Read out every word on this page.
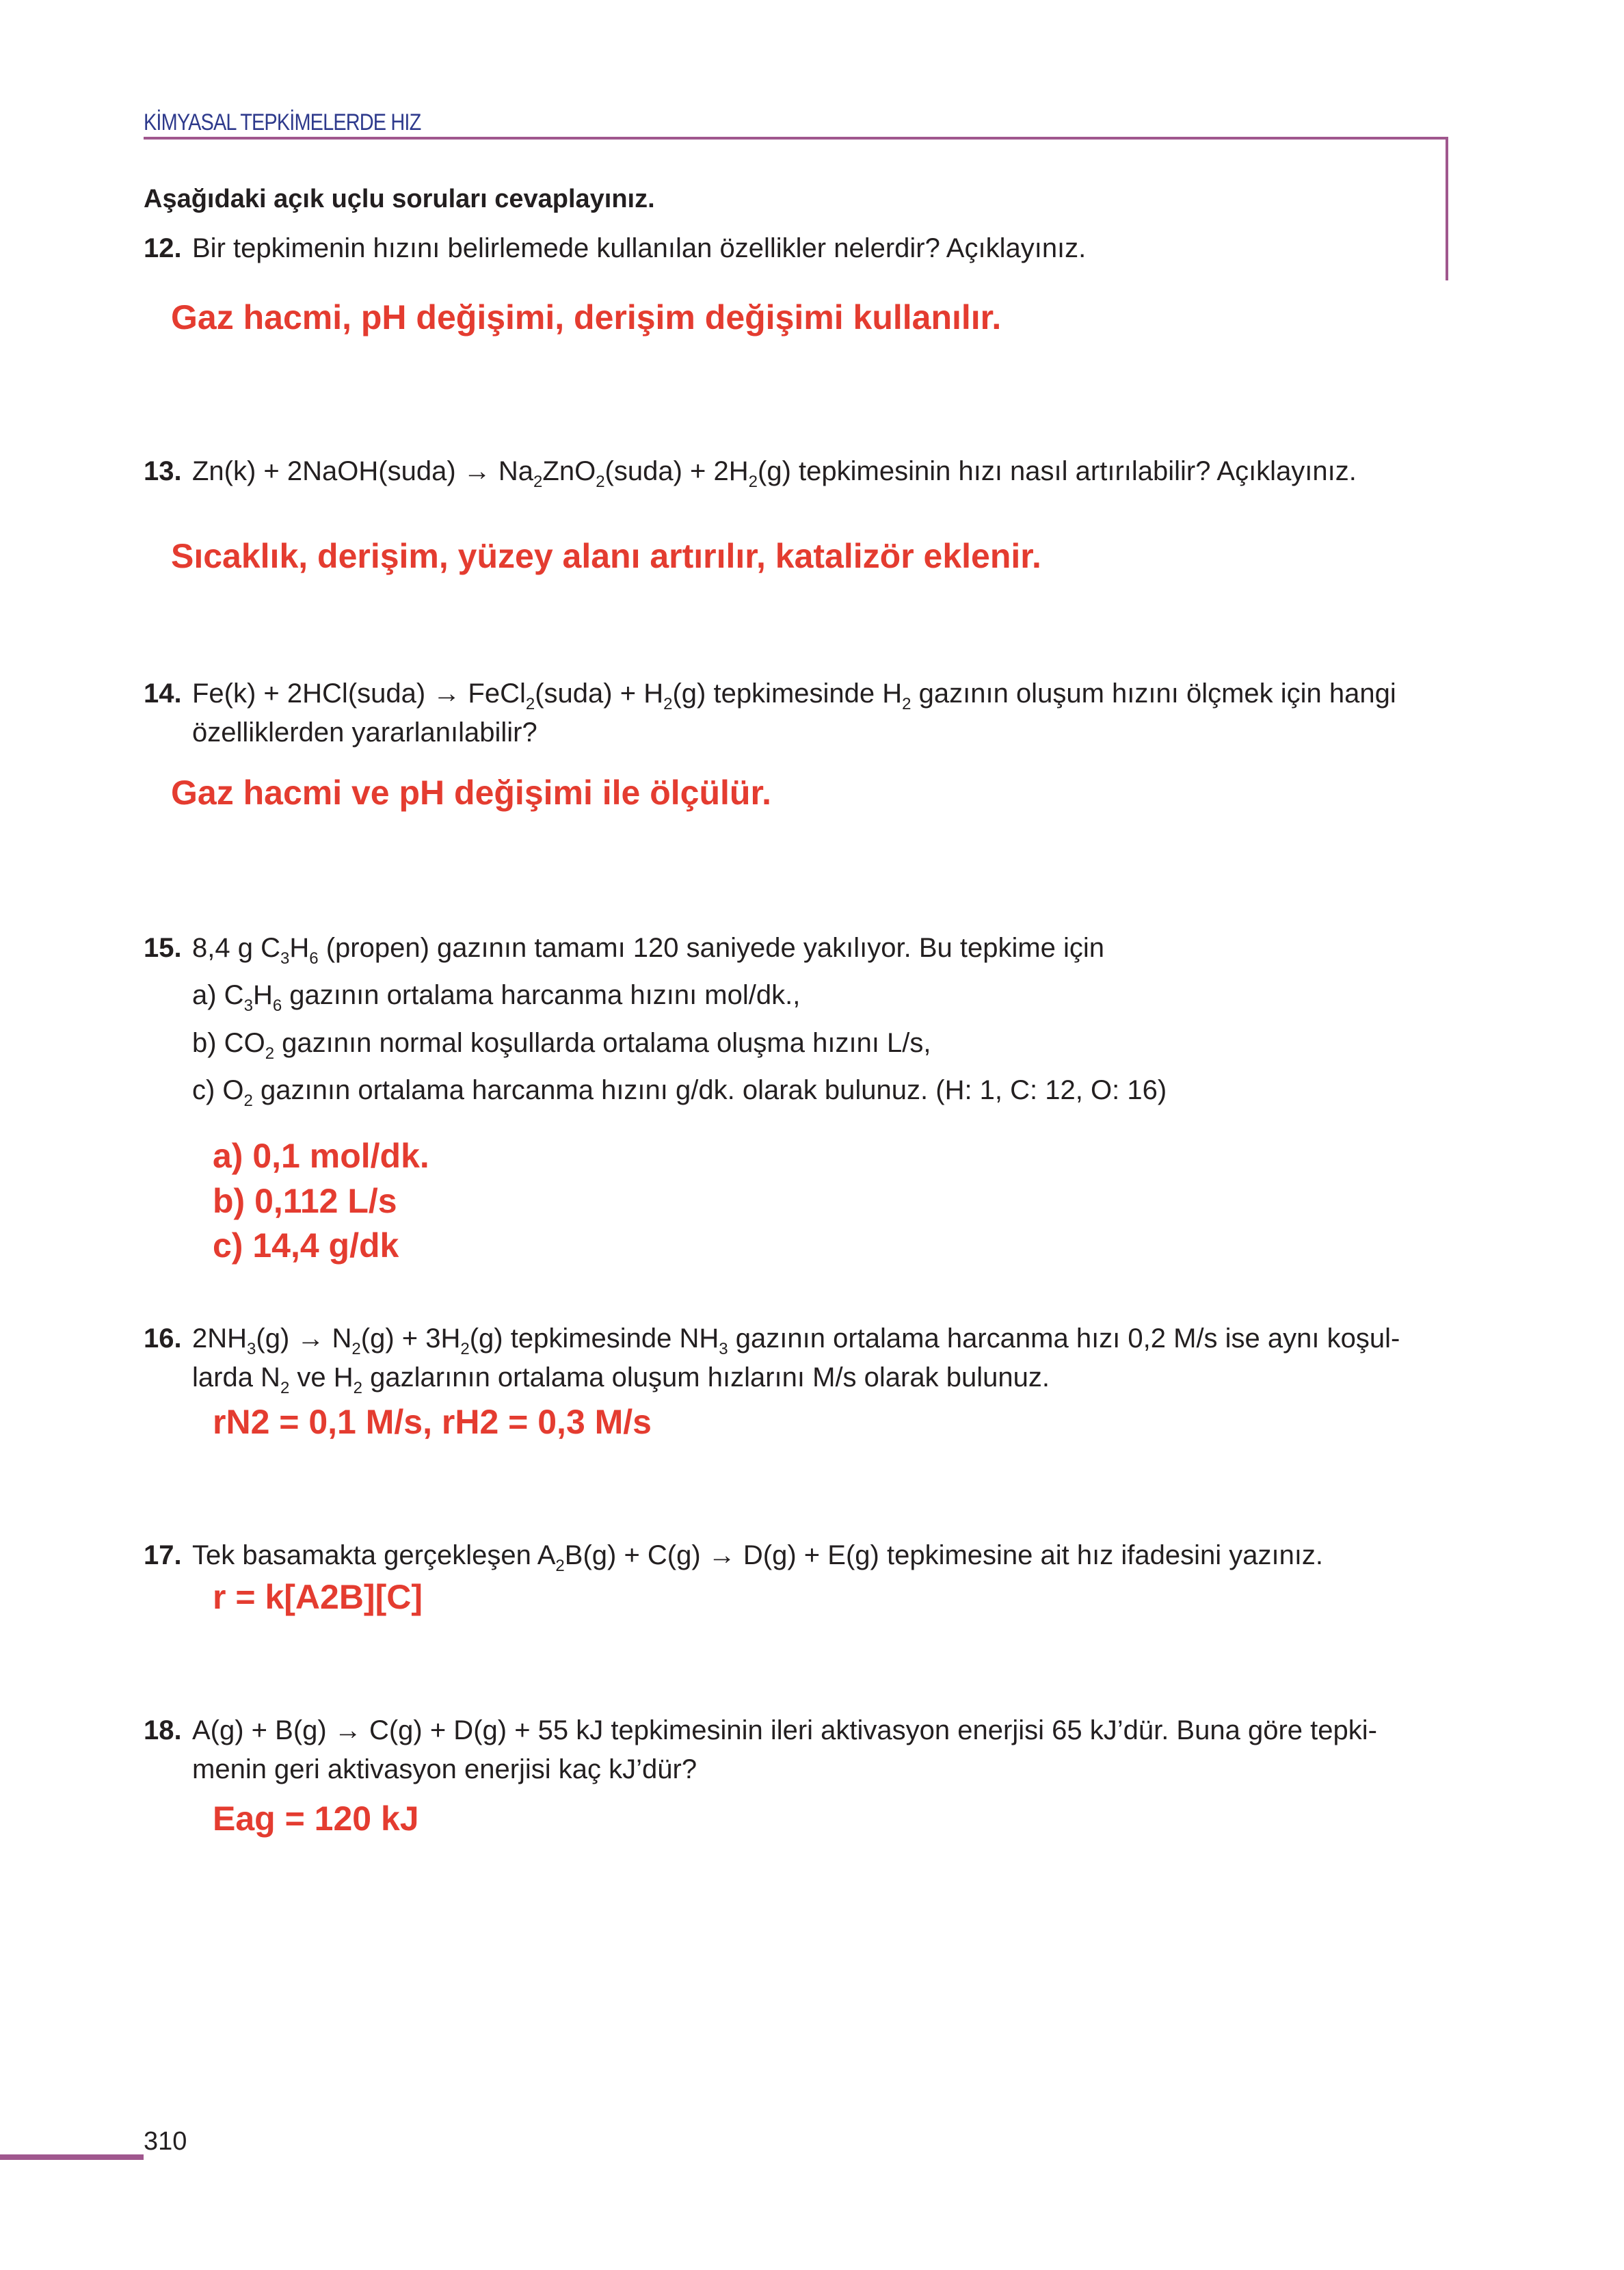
KİMYASAL TEPKİMELERDE HIZ
Aşağıdaki açık uçlu soruları cevaplayınız.
12. Bir tepkimenin hızını belirlemede kullanılan özellikler nelerdir? Açıklayınız.
13. Zn(k) + 2NaOH(suda) → $Na_2ZnO_2(suda) + 2H_2(g)$ tepkimesinin hızı nasıl artırılabilir? Açıklayınız.
14. Fe(k) + 2HCl(suda) → FeCl$_2$(suda) + $H_2(g)$ tepkimesinde $H_2$ gazının oluşum hızını ölçmek için hangi
özelliklerden yararlanılabilir?
15. 8,4 g $C_3H_6$ (propen) gazının tamamı 120 saniyede yakılıyor. Bu tepkime için
a) $C_3H_6$ gazının ortalama harcanma hızını mol/dk.,
b) $CO_2$ gazının normal koşullarda ortalama oluşma hızını L/s,
c) $O_2$ gazının ortalama harcanma hızını g/dk. olarak bulunuz. (H: 1, C: 12, O: 16)
16. $2NH_3(g) \to N_2(g) + 3H_2(g)$ tepkimesinde $NH_3$ gazının ortalama harcanma hızı 0,2 M/s ise aynı koşul-
larda $N_2$ ve $H_2$ gazlarının ortalama oluşum hızlarını M/s olarak bulunuz.
17. Tek basamakta gerçekleşen $A_2B(g) + C(g) \to D(g) + E(g)$ tepkimesine ait hız ifadesini yazınız.
18. A(g) + B(g) → C(g) + D(g) + 55 kJ tepkimesinin ileri aktivasyon enerjisi 65 kJ’dür. Buna göre tepki-
menin geri aktivasyon enerjisi kaç kJ’dür?
Gaz hacmi, pH değişimi, derişim değişimi kullanılır.
Sıcaklık, derişim, yüzey alanı artırılır, katalizör eklenir.
Gaz hacmi ve pH değişimi ile ölçülür.
a) 0,1 mol/dk.
b) 0,112 L/s
c) 14,4 g/dk
rN2 = 0,1 M/s, rH2 = 0,3 M/s
r = k[A2B][C]
Eag = 120 kJ
310
